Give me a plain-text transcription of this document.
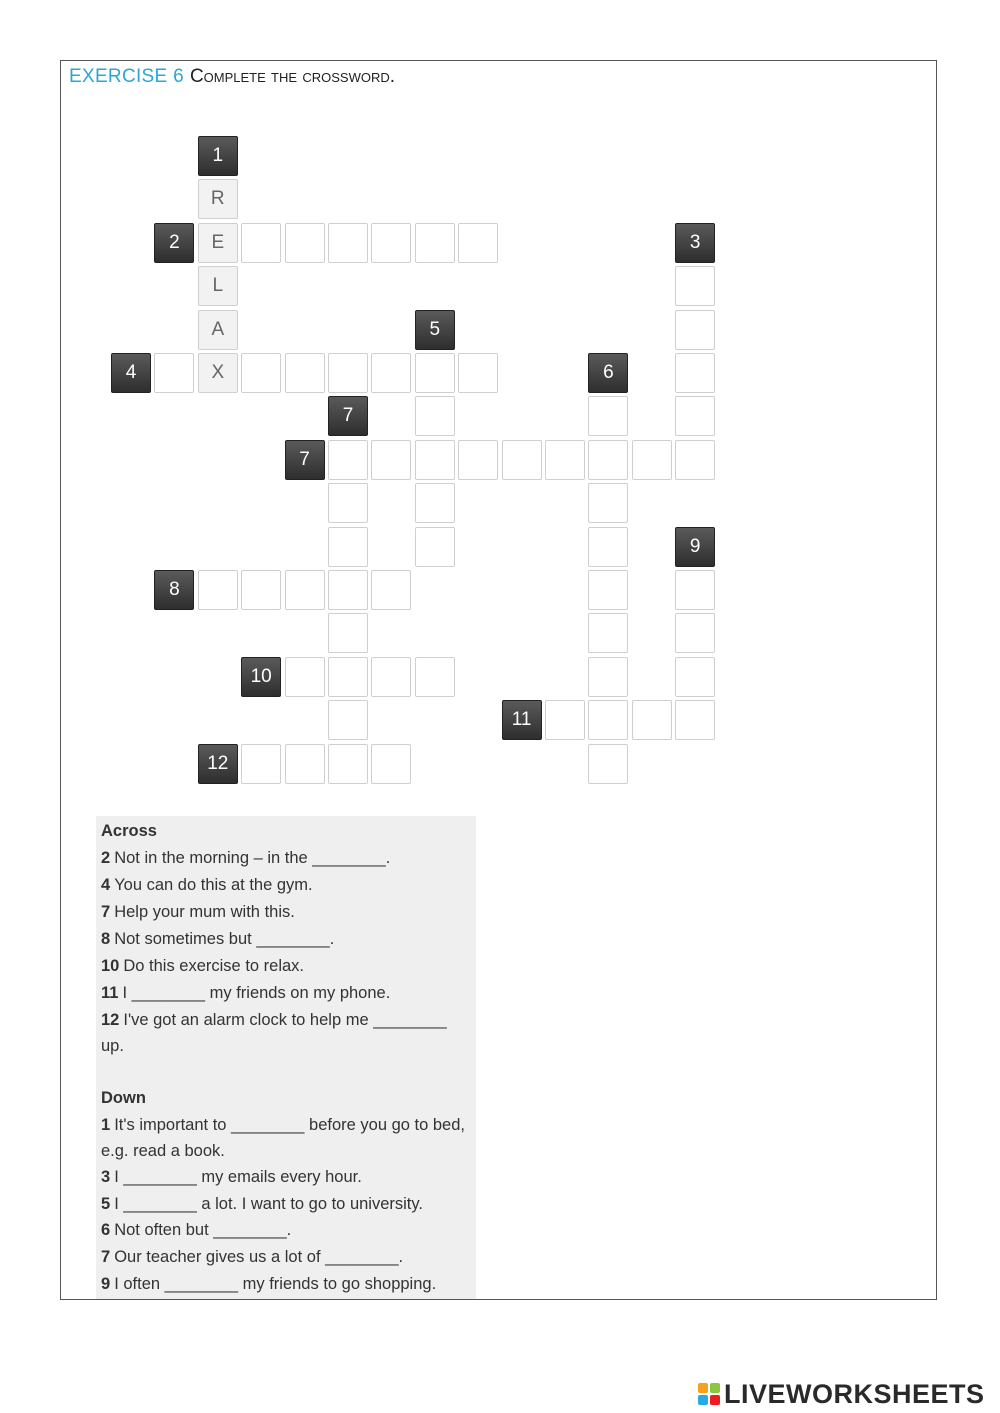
EXERCISE 6 Complete the crossword.
R
E
L
A
X
1
2	3
5
4	6
7
7
9
8
10
11
12
Across
2 Not in the morning – in the ________.
4 You can do this at the gym.
7 Help your mum with this.
8 Not sometimes but ________.
10 Do this exercise to relax.
11 I ________ my friends on my phone.
12 I've got an alarm clock to help me ________ up.
Down
1 It's important to ________ before you go to bed, e.g. read a book.
3 I ________ my emails every hour.
5 I ________ a lot. I want to go to university.
6 Not often but ________.
7 Our teacher gives us a lot of ________.
9 I often ________ my friends to go shopping.
LIVEWORKSHEETS
